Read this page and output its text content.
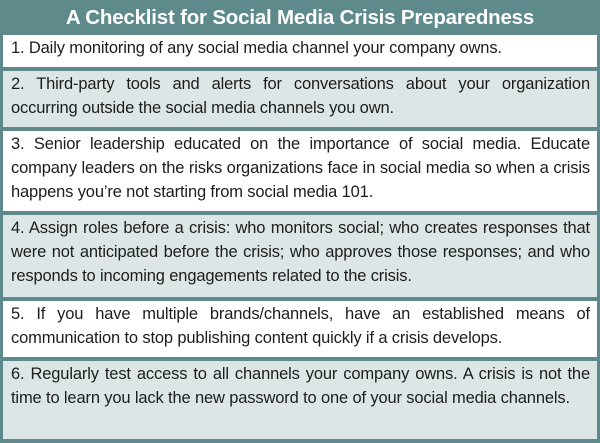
A Checklist for Social Media Crisis Preparedness
1. Daily monitoring of any social media channel your company owns.
2. Third-party tools and alerts for conversations about your organization occurring outside the social media channels you own.
3. Senior leadership educated on the importance of social media. Educate company leaders on the risks organizations face in social media so when a crisis happens you’re not starting from social media 101.
4. Assign roles before a crisis: who monitors social; who creates responses that were not anticipated before the crisis; who approves those responses; and who responds to incoming engagements related to the crisis.
5. If you have multiple brands/channels, have an established means of communication to stop publishing content quickly if a crisis develops.
6. Regularly test access to all channels your company owns. A crisis is not the time to learn you lack the new password to one of your social media channels.
